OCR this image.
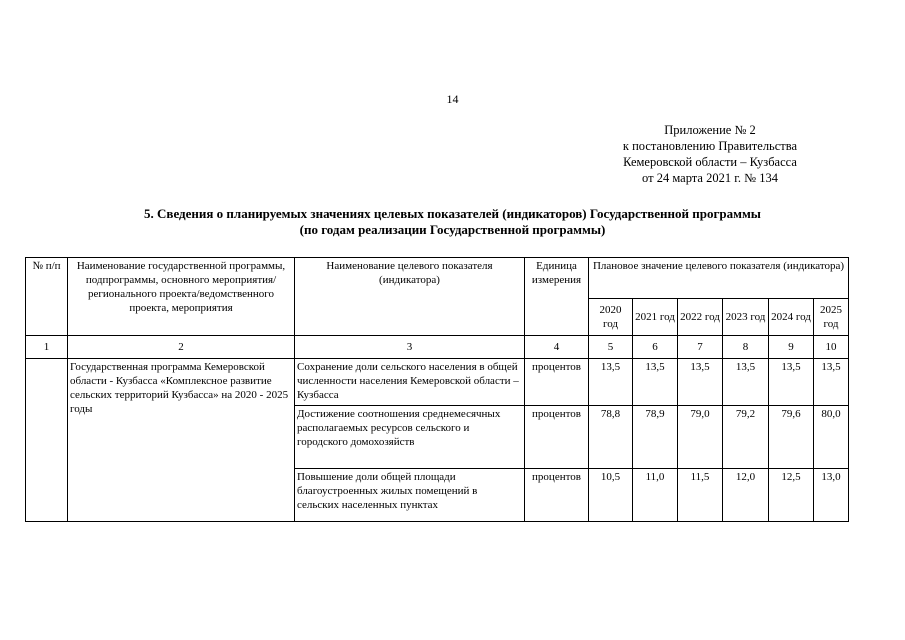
14
Приложение № 2
к постановлению Правительства
Кемеровской области – Кузбасса
от 24 марта 2021 г. № 134
5. Сведения о планируемых значениях целевых показателей (индикаторов) Государственной программы
(по годам реализации Государственной программы)
№ п/п	Наименование государственной программы, подпрограммы, основного мероприятия/регионального проекта/ведомственного проекта, мероприятия	Наименование целевого показателя (индикатора)	Единица измерения	Плановое значение целевого показателя (индикатора)					
				2020 год	2021 год	2022 год	2023 год	2024 год	2025 год
1	2	3	4	5	6	7	8	9	10
	Государственная программа Кемеровской области - Кузбасса «Комплексное развитие сельских территорий Кузбасса» на 2020 - 2025 годы	Сохранение доли сельского населения в общей численности населения Кемеровской области – Кузбасса	процентов	13,5	13,5	13,5	13,5	13,5	13,5
		Достижение соотношения среднемесячных располагаемых ресурсов сельского и городского домохозяйств	процентов	78,8	78,9	79,0	79,2	79,6	80,0
		Повышение доли общей площади благоустроенных жилых помещений в сельских населенных пунктах	процентов	10,5	11,0	11,5	12,0	12,5	13,0
